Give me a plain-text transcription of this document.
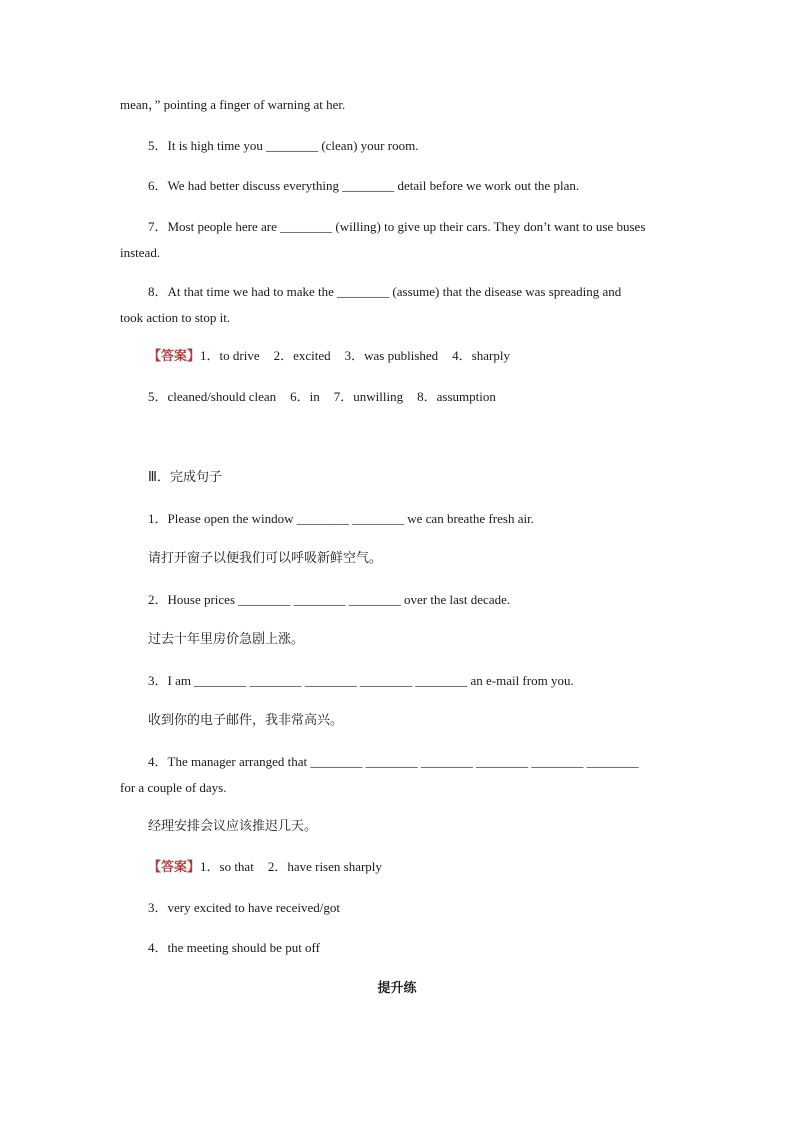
mean，” pointing a finger of warning at her.
5．It is high time you ________ (clean) your room.
6．We had better discuss everything ________ detail before we work out the plan.
7．Most people here are ________ (willing) to give up their cars. They don’t want to use buses
instead.
8．At that time we had to make the ________ (assume) that the disease was spreading and
took action to stop it.
【答案】1．to drive 2．excited 3．was published 4．sharply
5．cleaned/should clean 6．in 7．unwilling 8．assumption
Ⅲ．完成句子
1．Please open the window ________ ________ we can breathe fresh air.
请打开窗子以便我们可以呼吸新鲜空气。
2．House prices ________ ________ ________ over the last decade.
过去十年里房价急剧上涨。
3．I am ________ ________ ________ ________ ________ an e-mail from you.
收到你的电子邮件，我非常高兴。
4．The manager arranged that ________ ________ ________ ________ ________ ________
for a couple of days.
经理安排会议应该推迟几天。
【答案】1．so that 2．have risen sharply
3．very excited to have received/got
4．the meeting should be put off
提升练
